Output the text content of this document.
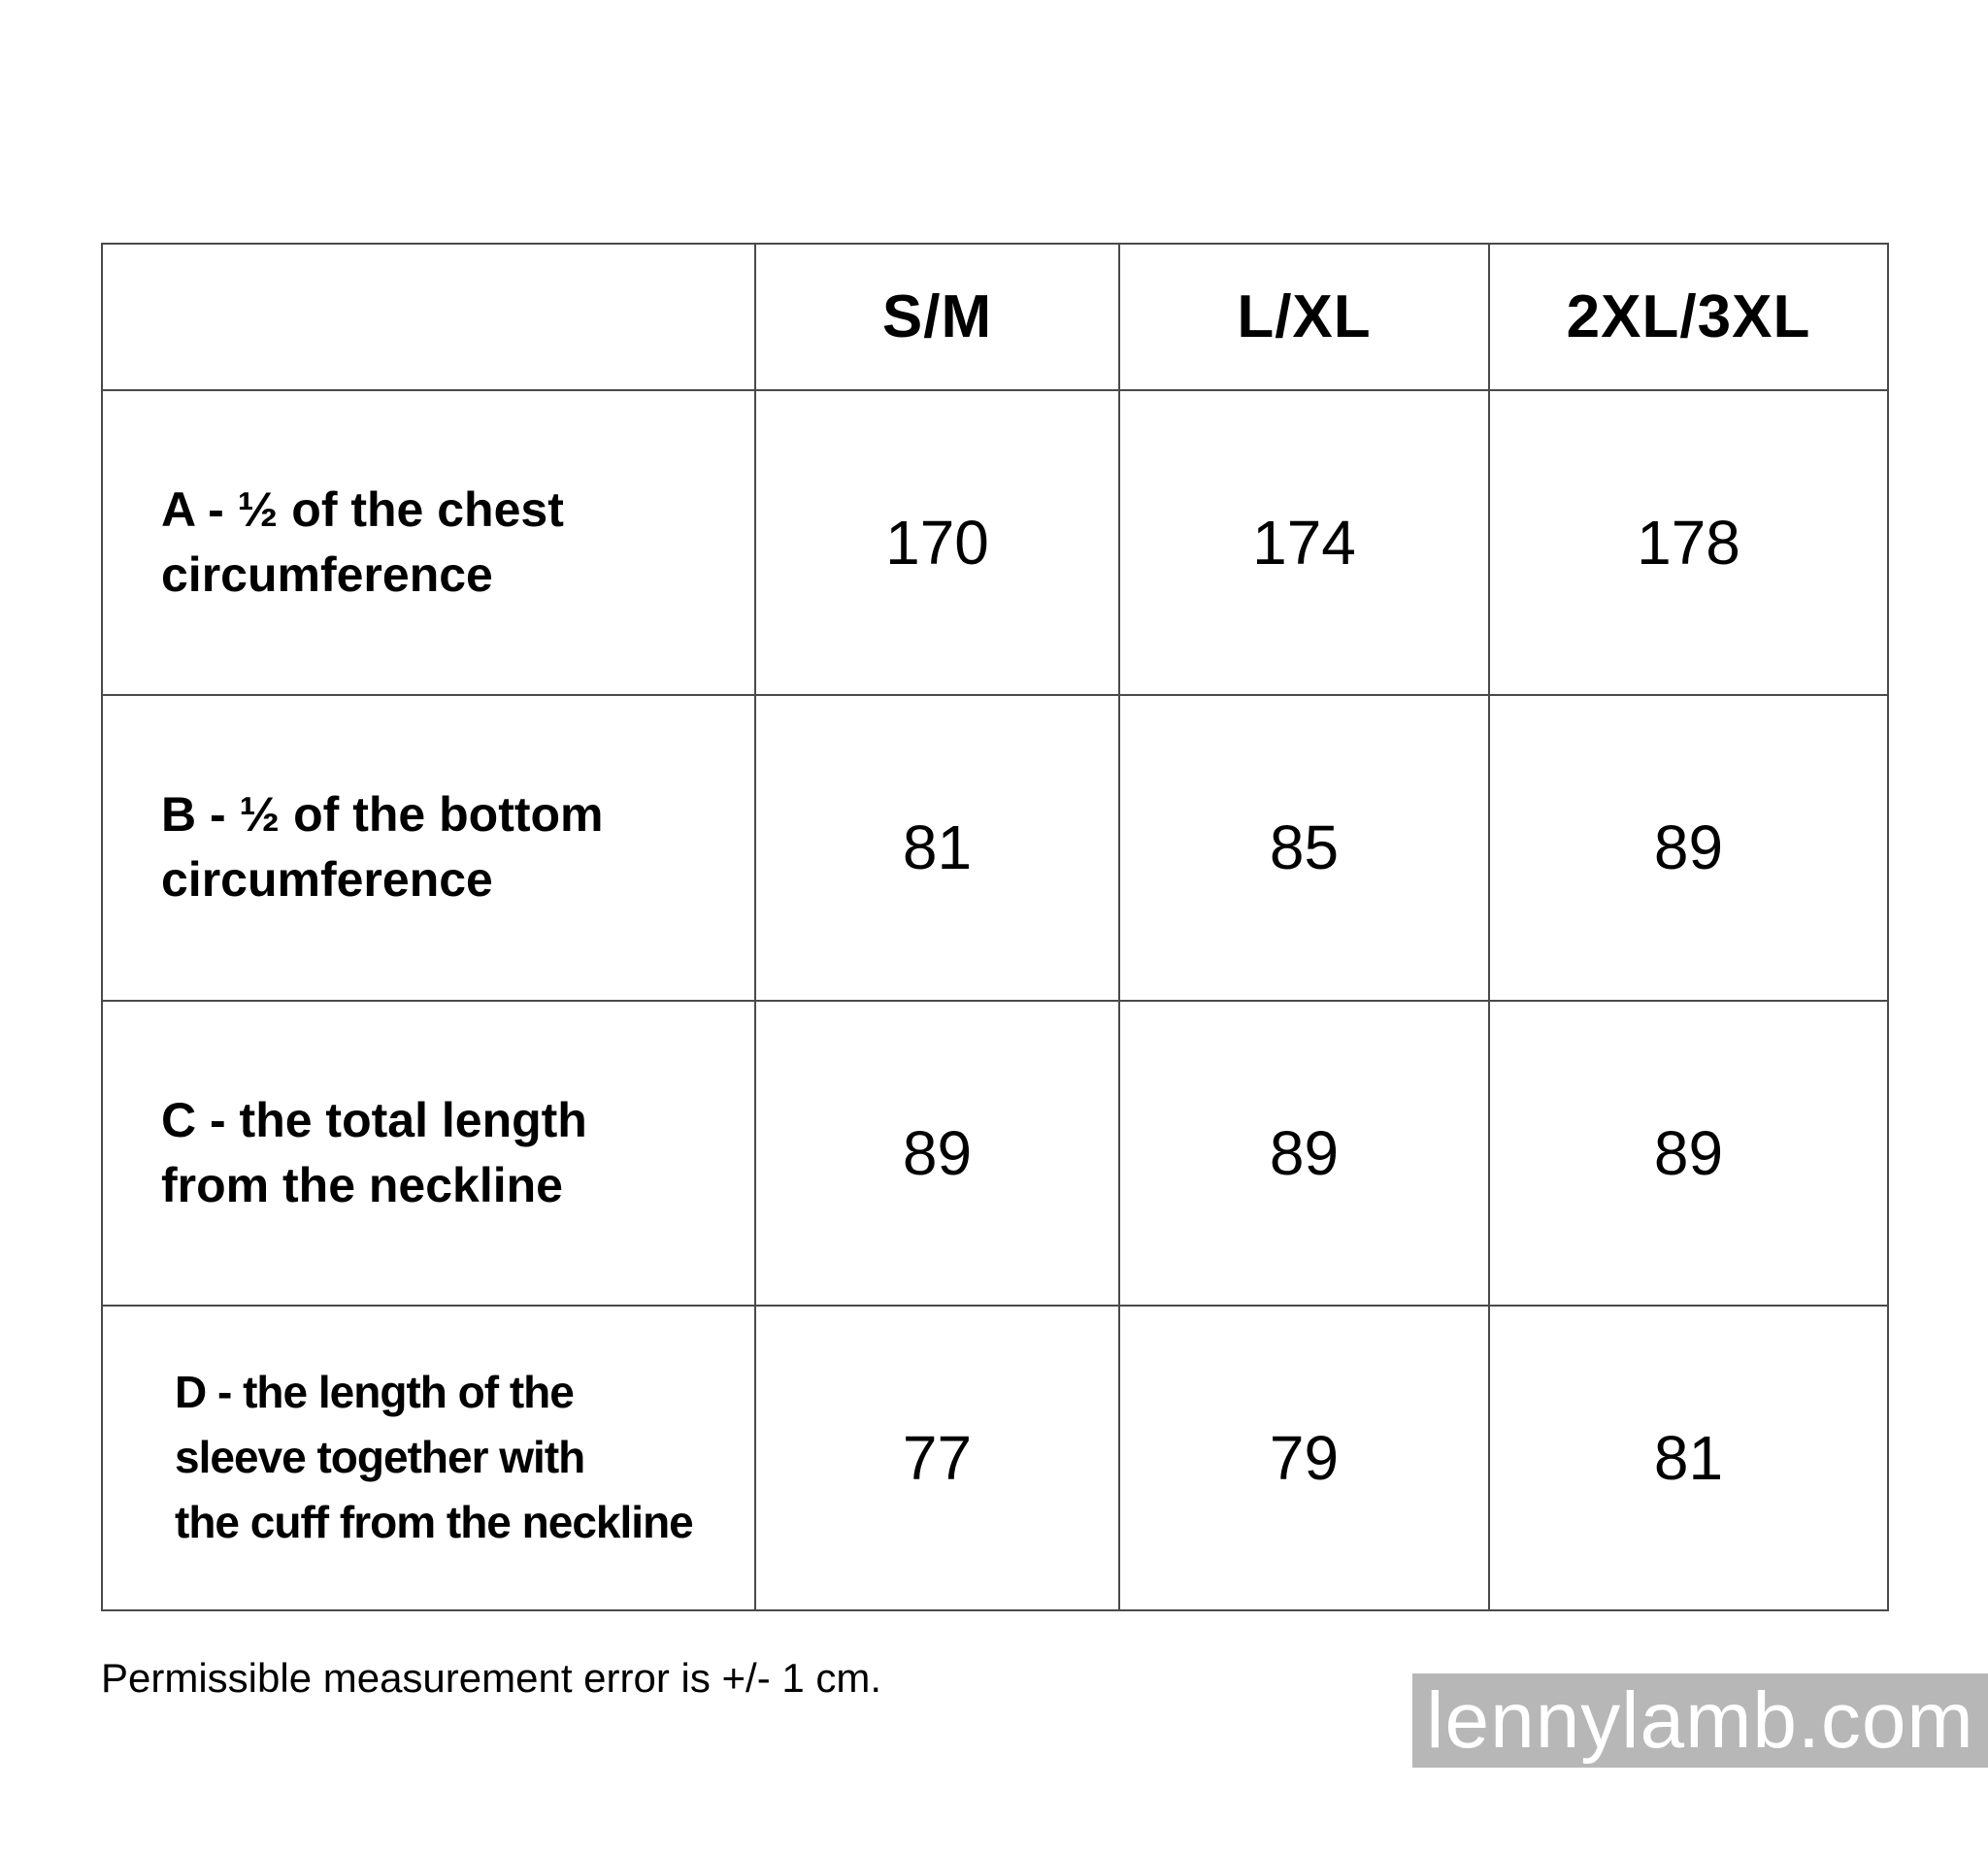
	S/M	L/XL	2XL/3XL
A - ½ of the chest
circumference	170	174	178
B - ½ of the bottom
circumference	81	85	89
C - the total length
from the neckline	89	89	89
D - the length of the
sleeve together with
the cuff from the neckline	77	79	81
Permissible measurement error is +/- 1 cm.	lennylamb.com
